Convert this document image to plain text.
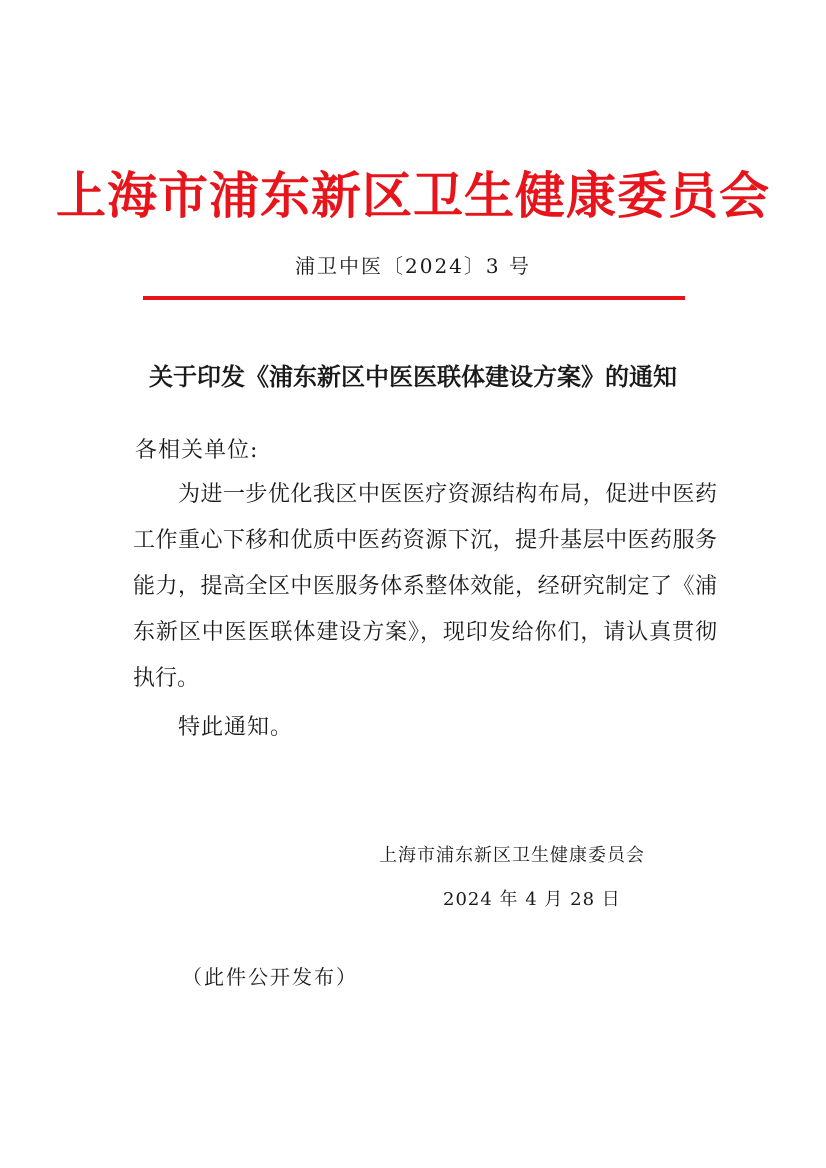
上海市浦东新区卫生健康委员会
浦卫中医〔2024〕3 号
关于印发《浦东新区中医医联体建设方案》的通知
各相关单位:
为进一步优化我区中医医疗资源结构布局，促进中医药
工作重心下移和优质中医药资源下沉，提升基层中医药服务
能力，提高全区中医服务体系整体效能，经研究制定了《浦
东新区中医医联体建设方案》，现印发给你们，请认真贯彻
执行。
特此通知。
上海市浦东新区卫生健康委员会
2024 年 4 月 28 日
（此件公开发布）
